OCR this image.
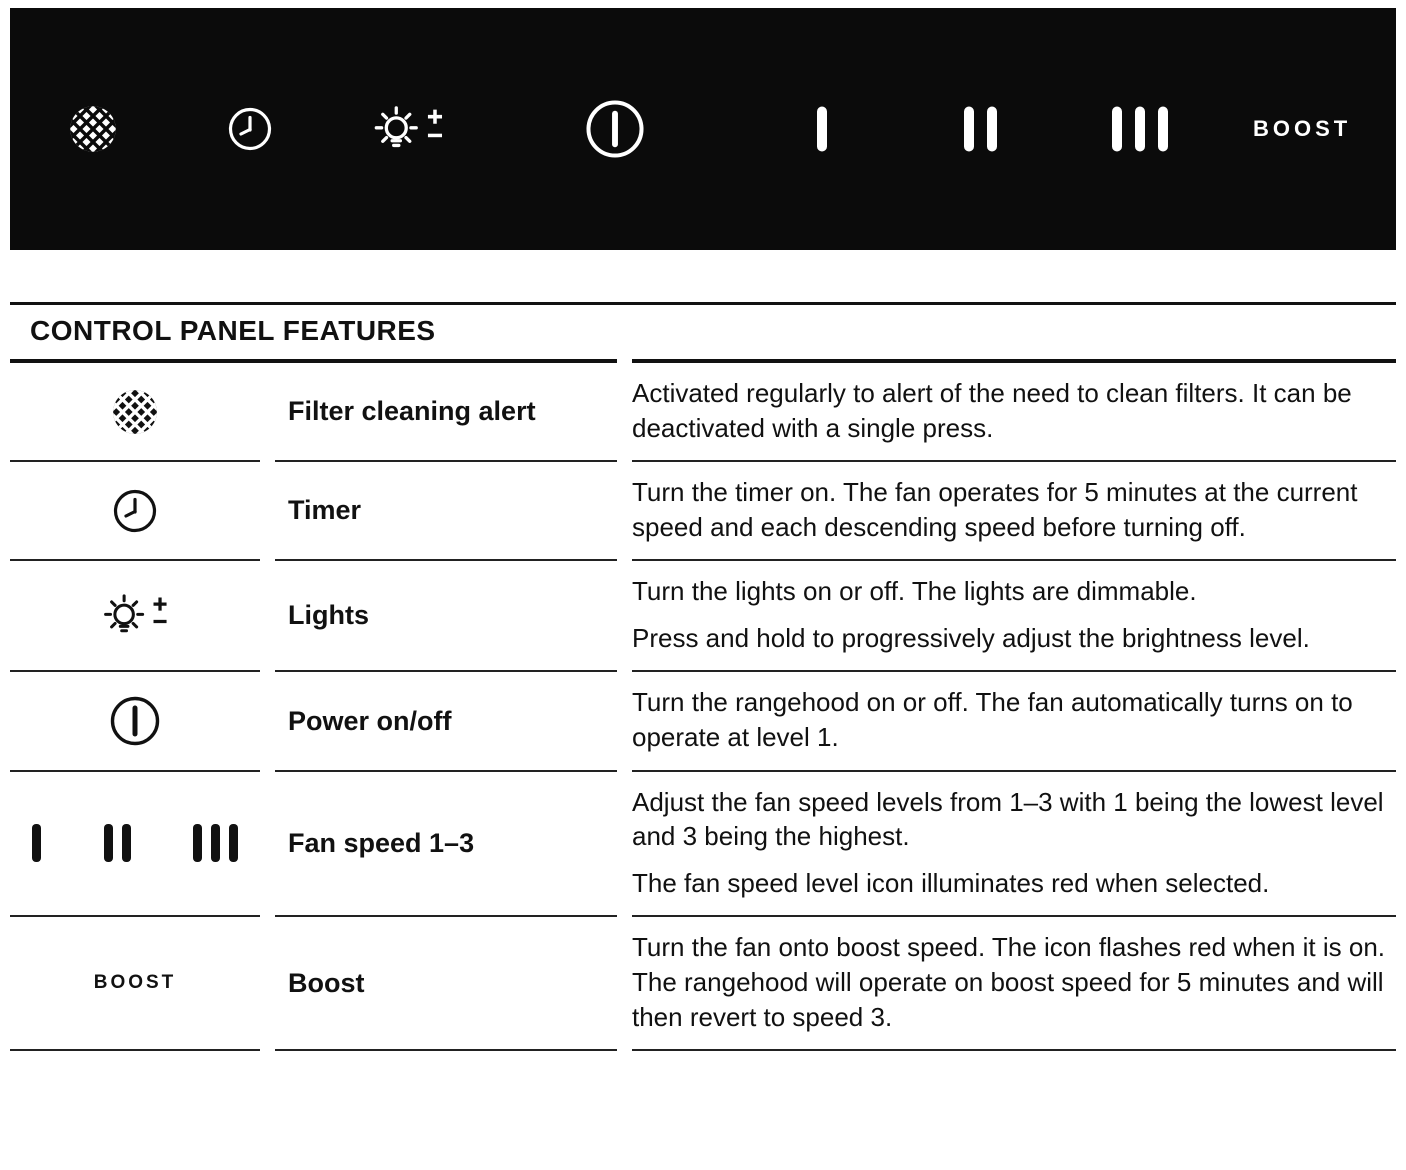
BOOST
CONTROL PANEL FEATURES
Filter cleaning alert

Activated regularly to alert of the need to clean filters. It can be deactivated with a single press.

Timer

Turn the timer on. The fan operates for 5 minutes at the current speed and each descending speed before turning off.

Lights

Turn the lights on or off. The lights are dimmable.

Press and hold to progressively adjust the brightness level.

Power on/off

Turn the rangehood on or off. The fan automatically turns on to operate at level 1.

Fan speed 1–3

Adjust the fan speed levels from 1–3 with 1 being the lowest level and 3 being the highest.

The fan speed level icon illuminates red when selected.

BOOST	Boost

Turn the fan onto boost speed. The icon flashes red when it is on. The rangehood will operate on boost speed for 5 minutes and will then revert to speed 3.
